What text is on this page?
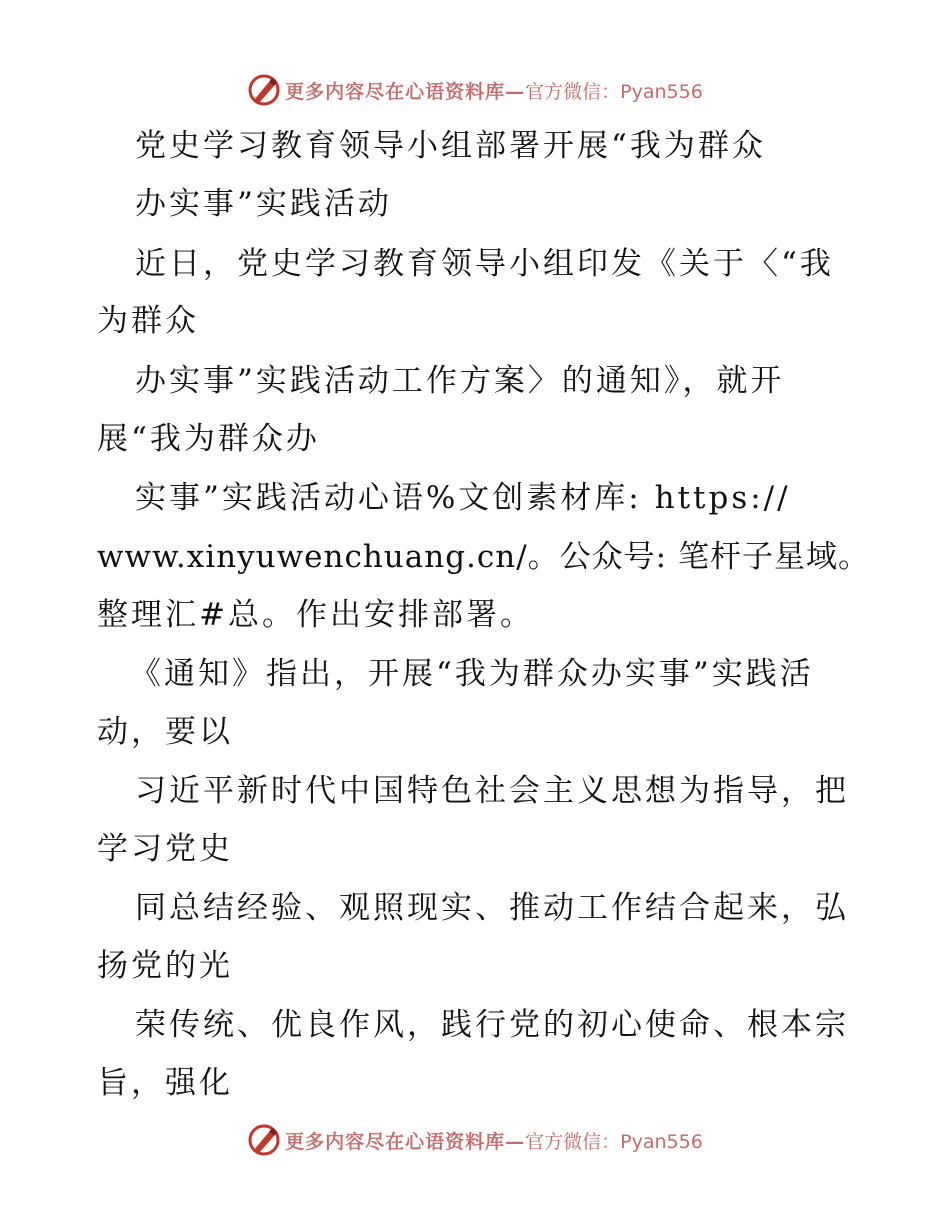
更多内容尽在心语资料库— 官方微信：Pyan556
党史学习教育领导小组部署开展“我为群众
办实事”实践活动
近日，党史学习教育领导小组印发《关于〈“我
为群众
办实事”实践活动工作方案〉的通知》，就开
展“我为群众办
实事”实践活动心语%文创素材库: https://
www.xinyuwenchuang.cn/。公众号: 笔杆子星域。
整理汇#总。作出安排部署。
《通知》指出，开展“我为群众办实事”实践活
动，要以
习近平新时代中国特色社会主义思想为指导，把
学习党史
同总结经验、观照现实、推动工作结合起来，弘
扬党的光
荣传统、优良作风，践行党的初心使命、根本宗
旨，强化
更多内容尽在心语资料库— 官方微信：Pyan556
